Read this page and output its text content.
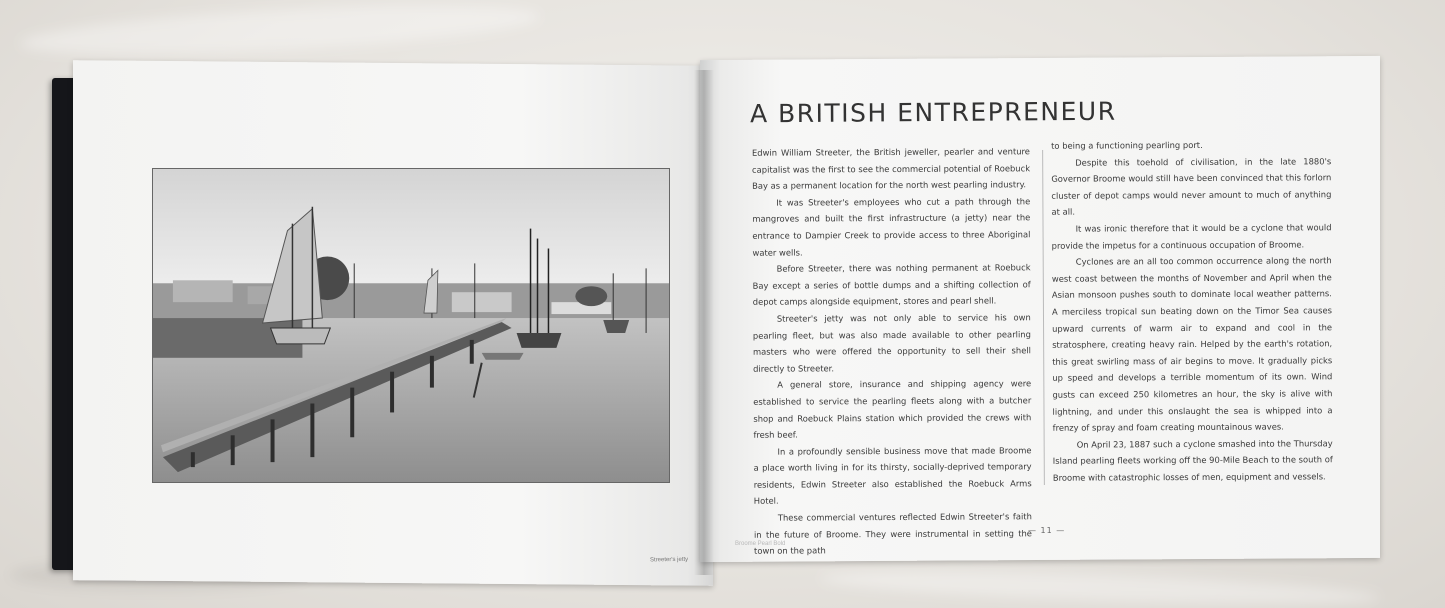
Streeter's jetty
A BRITISH ENTREPRENEUR

Edwin William Streeter, the British jeweller, pearler and venture capitalist was the first to see the commercial potential of Roebuck Bay as a permanent location for the north west pearling industry.

It was Streeter's employees who cut a path through the mangroves and built the first infrastructure (a jetty) near the entrance to Dampier Creek to provide access to three Aboriginal water wells.

Before Streeter, there was nothing permanent at Roebuck Bay except a series of bottle dumps and a shifting collection of depot camps alongside equipment, stores and pearl shell.

Streeter's jetty was not only able to service his own pearling fleet, but was also made available to other pearling masters who were offered the opportunity to sell their shell directly to Streeter.

A general store, insurance and shipping agency were established to service the pearling fleets along with a butcher shop and Roebuck Plains station which provided the crews with fresh beef.

In a profoundly sensible business move that made Broome a place worth living in for its thirsty, socially-deprived temporary residents, Edwin Streeter also established the Roebuck Arms Hotel.

These commercial ventures reflected Edwin Streeter's faith in the future of Broome. They were instrumental in setting the town on the path

to being a functioning pearling port.

Despite this toehold of civilisation, in the late 1880's Governor Broome would still have been convinced that this forlorn cluster of depot camps would never amount to much of anything at all.

It was ironic therefore that it would be a cyclone that would provide the impetus for a continuous occupation of Broome.

Cyclones are an all too common occurrence along the north west coast between the months of November and April when the Asian monsoon pushes south to dominate local weather patterns. A merciless tropical sun beating down on the Timor Sea causes upward currents of warm air to expand and cool in the stratosphere, creating heavy rain. Helped by the earth's rotation, this great swirling mass of air begins to move. It gradually picks up speed and develops a terrible momentum of its own. Wind gusts can exceed 250 kilometres an hour, the sky is alive with lightning, and under this onslaught the sea is whipped into a frenzy of spray and foam creating mountainous waves.

On April 23, 1887 such a cyclone smashed into the Thursday Island pearling fleets working off the 90-Mile Beach to the south of Broome with catastrophic losses of men, equipment and vessels.

Broome Pearl Bold
— 11 —
